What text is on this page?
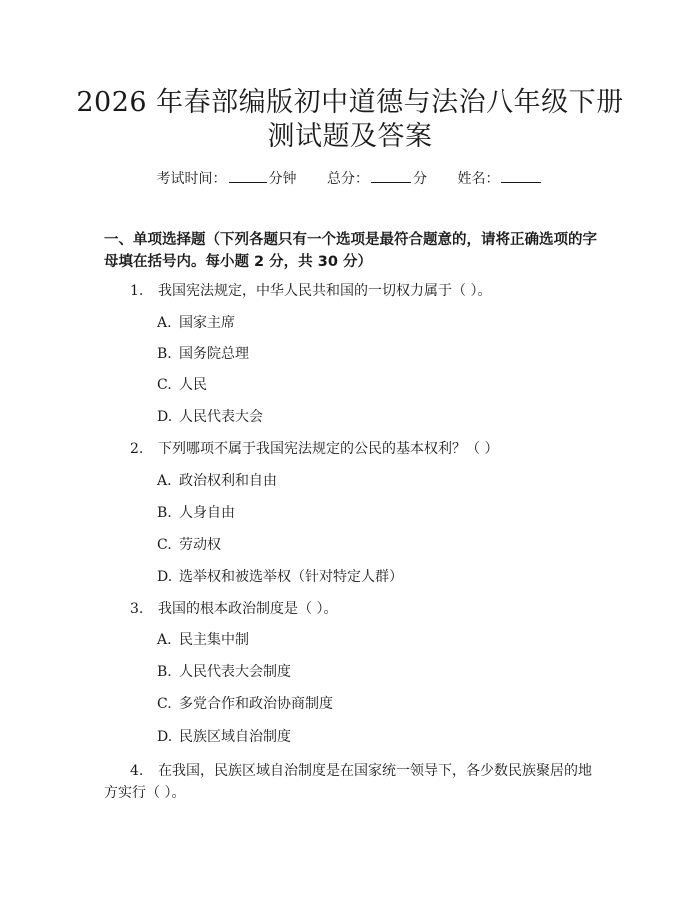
2026 年春部编版初中道德与法治八年级下册
测试题及答案
考试时间：	分钟 总分：	分 姓名：

一、单项选择题（下列各题只有一个选项是最符合题意的，请将正确选项的字母填在括号内。每小题 2 分，共 30 分）

1. 我国宪法规定，中华人民共和国的一切权力属于（ ）。
A. 国家主席
B. 国务院总理
C. 人民
D. 人民代表大会
2. 下列哪项不属于我国宪法规定的公民的基本权利？（ ）
A. 政治权利和自由
B. 人身自由
C. 劳动权
D. 选举权和被选举权（针对特定人群）
3. 我国的根本政治制度是（ ）。
A. 民主集中制
B. 人民代表大会制度
C. 多党合作和政治协商制度
D. 民族区域自治制度
4. 在我国，民族区域自治制度是在国家统一领导下，各少数民族聚居的地方实行（ ）。
